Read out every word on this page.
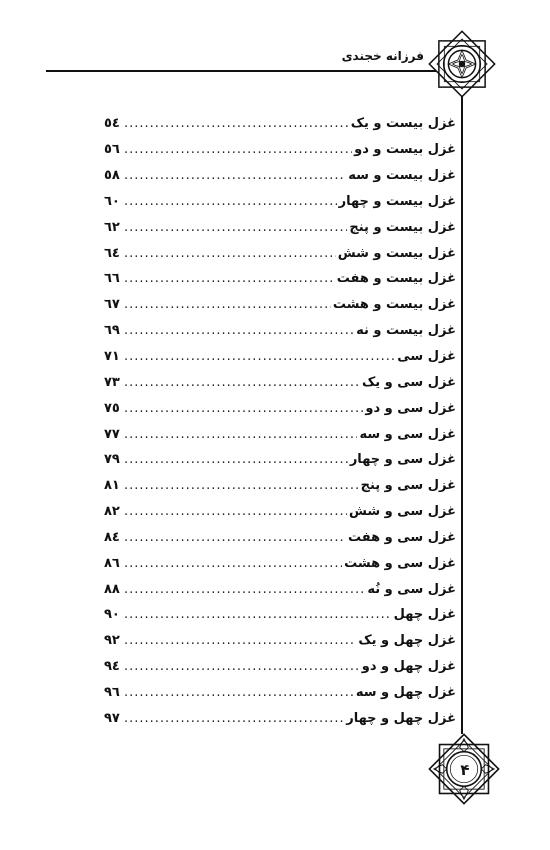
فرزانه خجندی
غزل بیست و یک
.....
٥٤
غزل بیست و دو
.....
٥٦
غزل بیست و سه
.....
٥٨
غزل بیست و چهار
.....
٦٠
غزل بیست و پنج
.....
٦٢
غزل بیست و شش
.....
٦٤
غزل بیست و هفت
.....
٦٦
غزل بیست و هشت
.....
٦٧
غزل بیست و نه
.....
٦٩
غزل سی
.....
٧١
غزل سی و یک
.....
٧٣
غزل سی و دو
.....
٧٥
غزل سی و سه
.....
٧٧
غزل سی و چهار
.....
٧٩
غزل سی و پنج
.....
٨١
غزل سی و شش
.....
٨٢
غزل سی و هفت
.....
٨٤
غزل سی و هشت
.....
٨٦
غزل سی و نُه
.....
٨٨
غزل چهل
.....
٩٠
غزل چهل و یک
.....
٩٢
غزل چهل و دو
.....
٩٤
غزل چهل و سه
.....
٩٦
غزل چهل و چهار
.....
٩٧
۴
